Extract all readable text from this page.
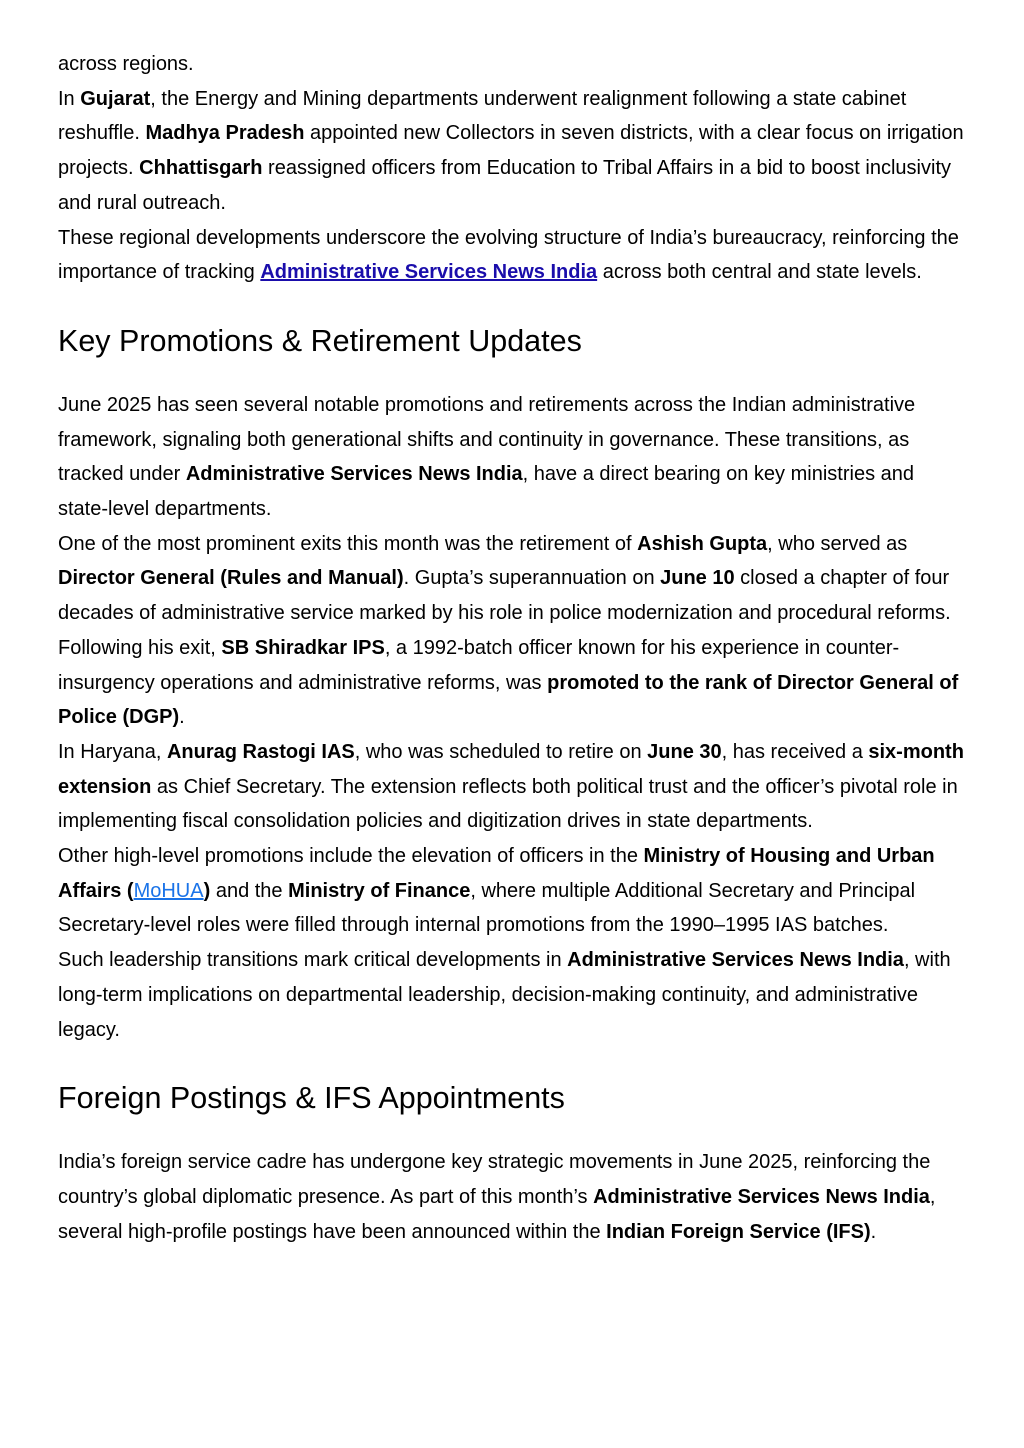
across regions.

In Gujarat, the Energy and Mining departments underwent realignment following a state cabinet reshuffle. Madhya Pradesh appointed new Collectors in seven districts, with a clear focus on irrigation projects. Chhattisgarh reassigned officers from Education to Tribal Affairs in a bid to boost inclusivity and rural outreach.

These regional developments underscore the evolving structure of India’s bureaucracy, reinforcing the importance of tracking Administrative Services News India across both central and state levels.

Key Promotions & Retirement Updates

June 2025 has seen several notable promotions and retirements across the Indian administrative framework, signaling both generational shifts and continuity in governance. These transitions, as tracked under Administrative Services News India, have a direct bearing on key ministries and state-level departments.

One of the most prominent exits this month was the retirement of Ashish Gupta, who served as Director General (Rules and Manual). Gupta’s superannuation on June 10 closed a chapter of four decades of administrative service marked by his role in police modernization and procedural reforms. Following his exit, SB Shiradkar IPS, a 1992-batch officer known for his experience in counter-insurgency operations and administrative reforms, was promoted to the rank of Director General of Police (DGP).

In Haryana, Anurag Rastogi IAS, who was scheduled to retire on June 30, has received a six-month extension as Chief Secretary. The extension reflects both political trust and the officer’s pivotal role in implementing fiscal consolidation policies and digitization drives in state departments.

Other high-level promotions include the elevation of officers in the Ministry of Housing and Urban Affairs (MoHUA) and the Ministry of Finance, where multiple Additional Secretary and Principal Secretary-level roles were filled through internal promotions from the 1990–1995 IAS batches.

Such leadership transitions mark critical developments in Administrative Services News India, with long-term implications on departmental leadership, decision-making continuity, and administrative legacy.

Foreign Postings & IFS Appointments

India’s foreign service cadre has undergone key strategic movements in June 2025, reinforcing the country’s global diplomatic presence. As part of this month’s Administrative Services News India, several high-profile postings have been announced within the Indian Foreign Service (IFS).
